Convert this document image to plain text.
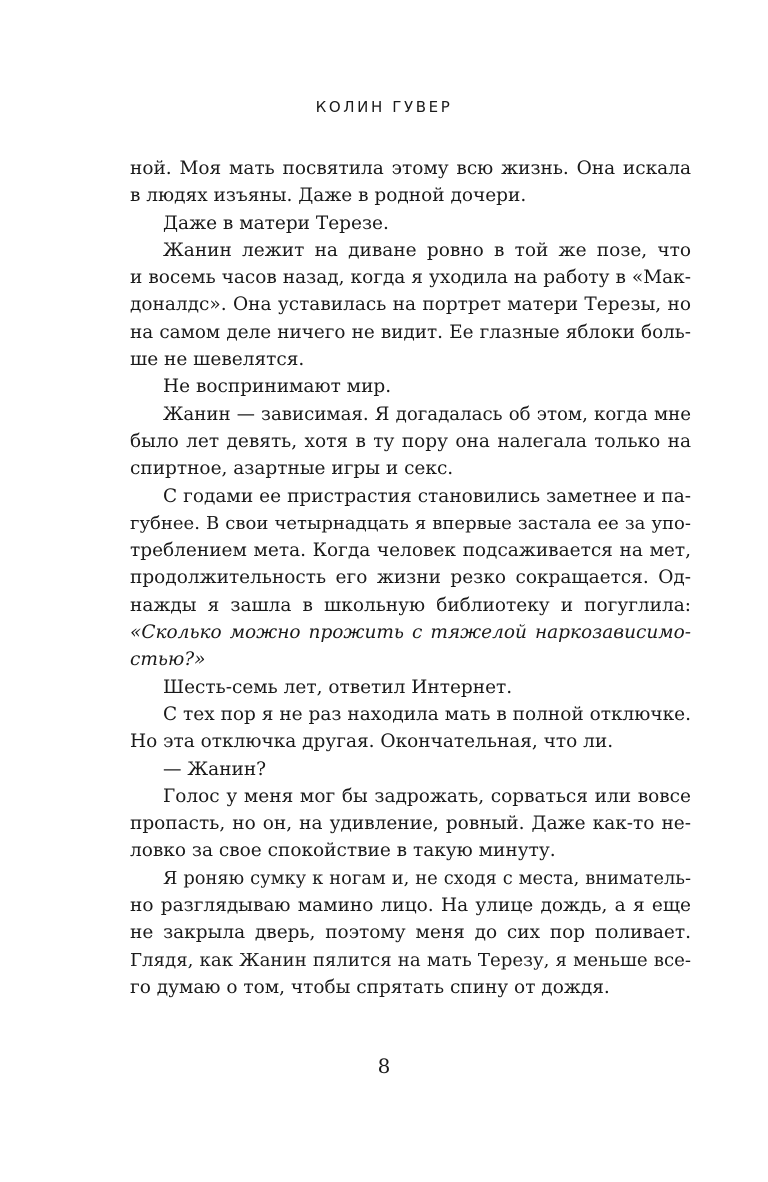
КОЛИН ГУВЕР
ной. Моя мать посвятила этому всю жизнь. Она искала
в людях изъяны. Даже в родной дочери.
Даже в матери Терезе.
Жанин лежит на диване ровно в той же позе, что
и восемь часов назад, когда я уходила на работу в «Мак-
доналдс». Она уставилась на портрет матери Терезы, но
на самом деле ничего не видит. Ее глазные яблоки боль-
ше не шевелятся.
Не воспринимают мир.
Жанин — зависимая. Я догадалась об этом, когда мне
было лет девять, хотя в ту пору она налегала только на
спиртное, азартные игры и секс.
С годами ее пристрастия становились заметнее и па-
губнее. В свои четырнадцать я впервые застала ее за упо-
треблением мета. Когда человек подсаживается на мет,
продолжительность его жизни резко сокращается. Од-
нажды я зашла в школьную библиотеку и погуглила:
«Сколько можно прожить с тяжелой наркозависимо-
стью?»
Шесть-семь лет, ответил Интернет.
С тех пор я не раз находила мать в полной отключке.
Но эта отключка другая. Окончательная, что ли.
— Жанин?
Голос у меня мог бы задрожать, сорваться или вовсе
пропасть, но он, на удивление, ровный. Даже как-то не-
ловко за свое спокойствие в такую минуту.
Я роняю сумку к ногам и, не сходя с места, вниматель-
но разглядываю мамино лицо. На улице дождь, а я еще
не закрыла дверь, поэтому меня до сих пор поливает.
Глядя, как Жанин пялится на мать Терезу, я меньше все-
го думаю о том, чтобы спрятать спину от дождя.
8
